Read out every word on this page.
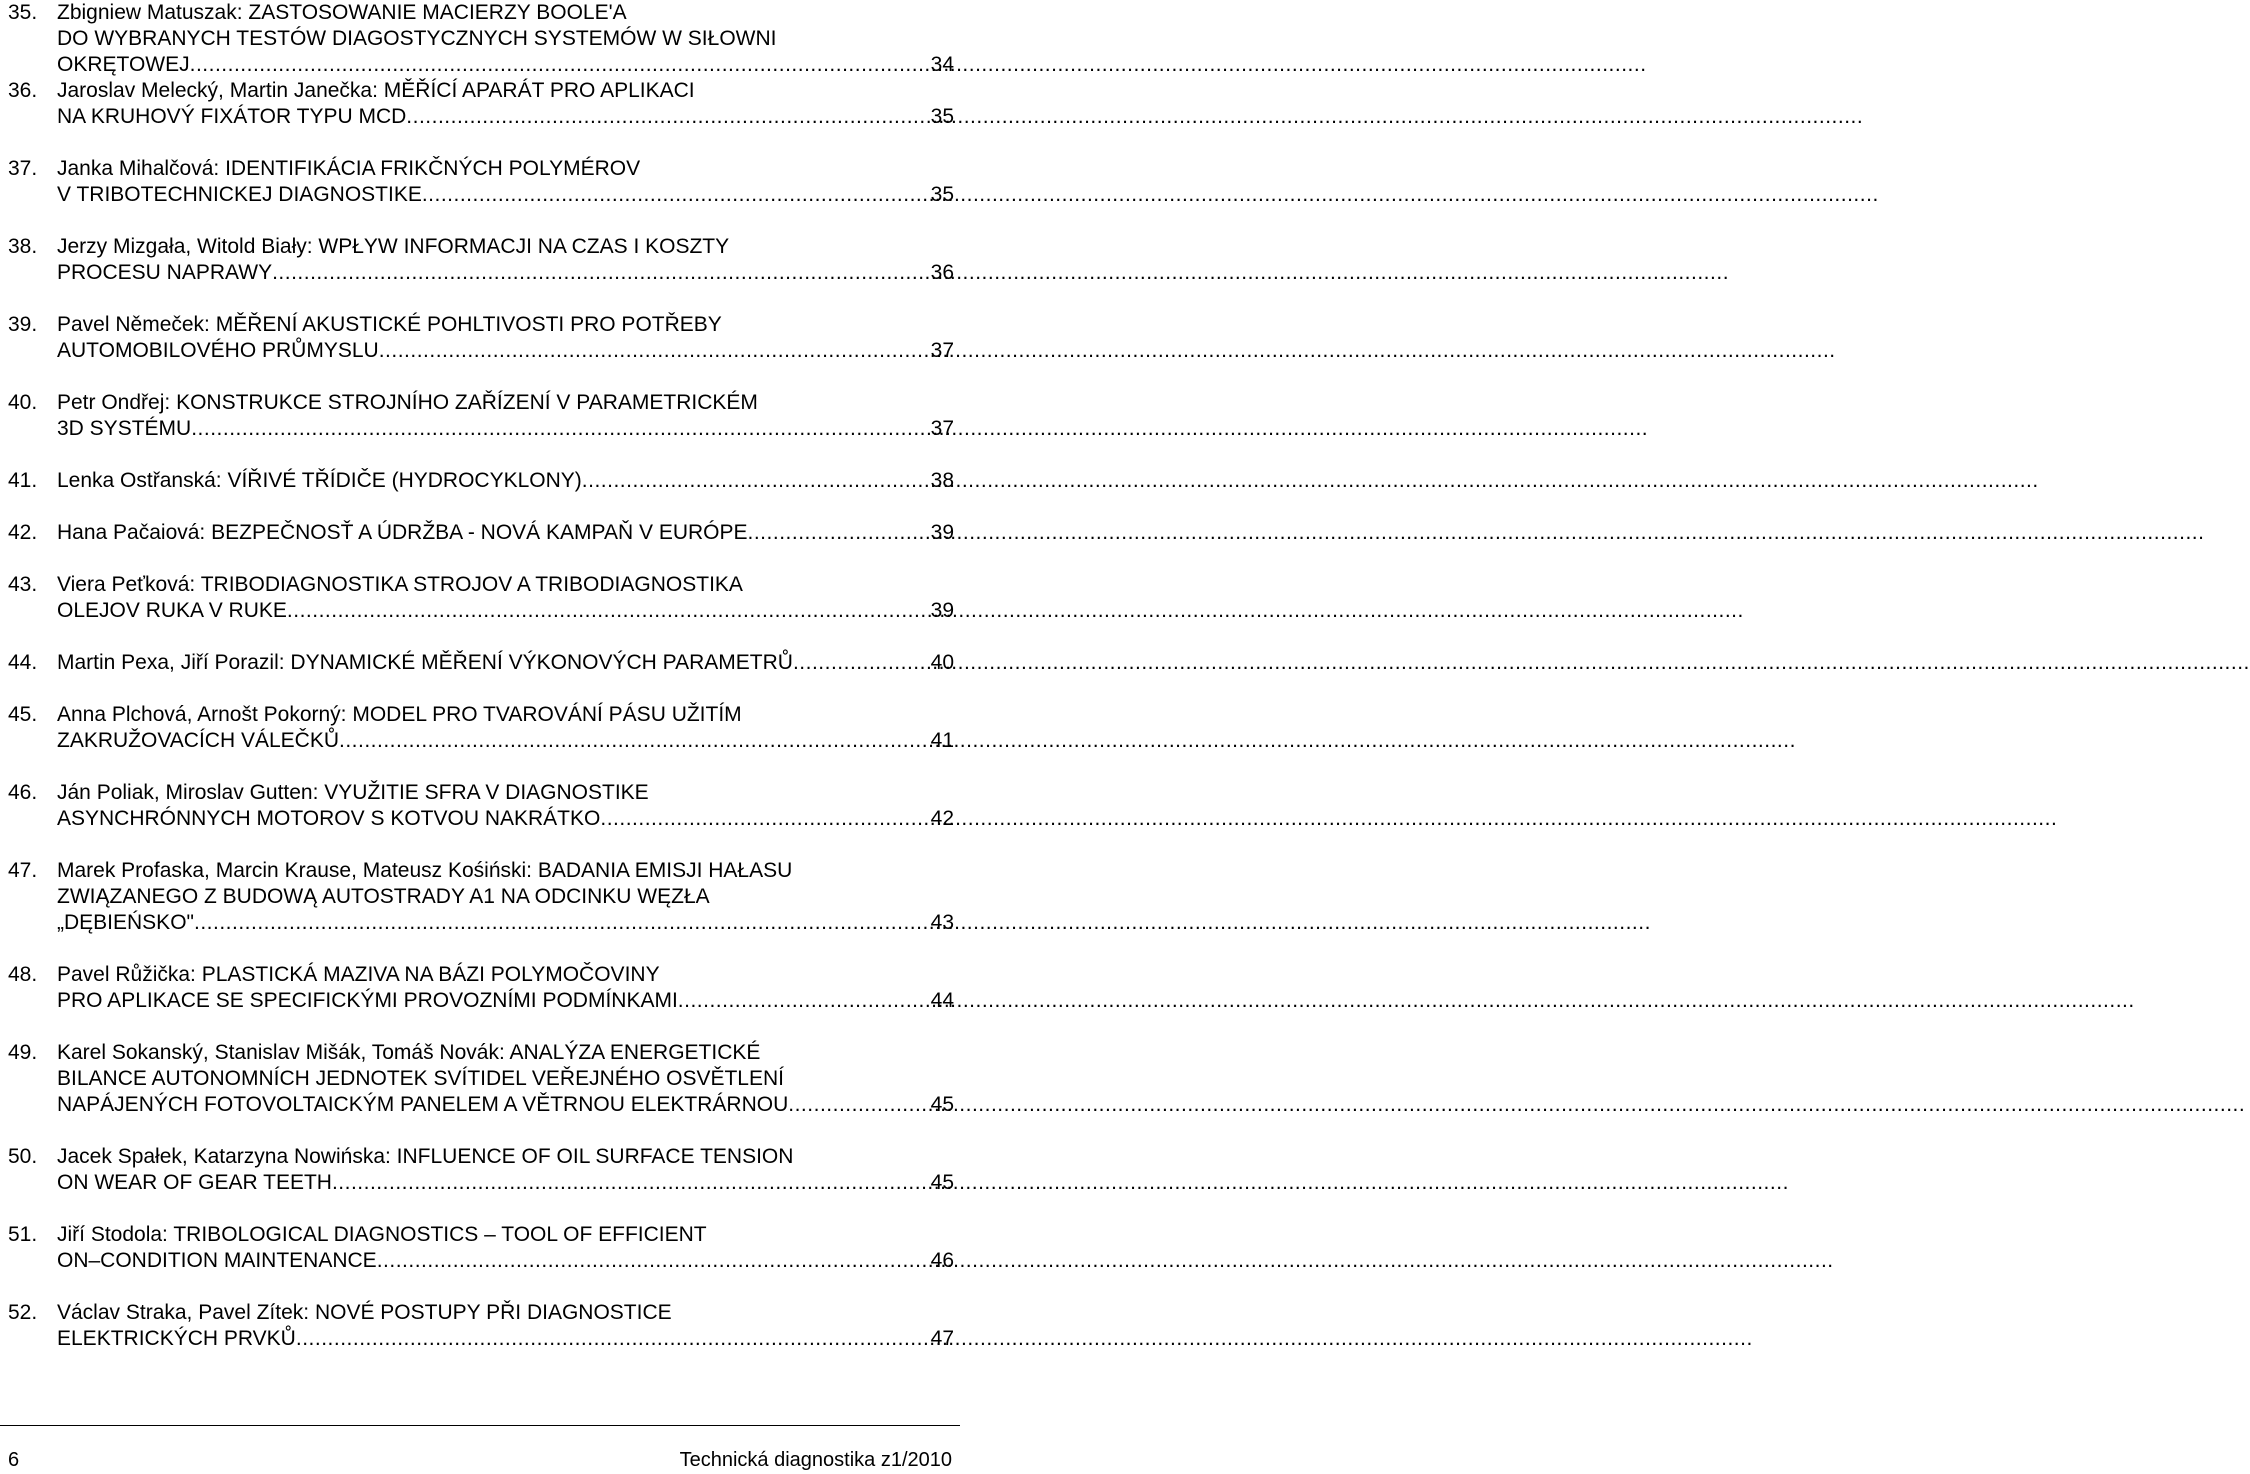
35. Zbigniew Matuszak: ZASTOSOWANIE MACIERZY BOOLE'A
DO WYBRANYCH TESTÓW DIAGOSTYCZNYCH SYSTEMÓW W SIŁOWNI
OKRĘTOWEJ .....	34
36. Jaroslav Melecký, Martin Janečka: MĚŘÍCÍ APARÁT PRO APLIKACI
NA KRUHOVÝ FIXÁTOR TYPU MCD .....	35
37. Janka Mihalčová: IDENTIFIKÁCIA FRIKČNÝCH POLYMÉROV
V TRIBOTECHNICKEJ DIAGNOSTIKE .....	35
38. Jerzy Mizgała, Witold Biały: WPŁYW INFORMACJI NA CZAS I KOSZTY
PROCESU NAPRAWY .....	36
39. Pavel Němeček: MĚŘENÍ AKUSTICKÉ POHLTIVOSTI PRO POTŘEBY
AUTOMOBILOVÉHO PRŮMYSLU .....	37
40. Petr Ondřej: KONSTRUKCE STROJNÍHO ZAŘÍZENÍ V PARAMETRICKÉM
3D SYSTÉMU .....	37
41. Lenka Ostřanská: VÍŘIVÉ TŘÍDIČE (HYDROCYKLONY) .....	38
42. Hana Pačaiová: BEZPEČNOSŤ A ÚDRŽBA - NOVÁ KAMPAŇ V EURÓPE .....	39
43. Viera Peťková: TRIBODIAGNOSTIKA STROJOV A TRIBODIAGNOSTIKA
OLEJOV RUKA V RUKE .....	39
44. Martin Pexa, Jiří Porazil: DYNAMICKÉ MĚŘENÍ VÝKONOVÝCH PARAMETRŮ .....	40
45. Anna Plchová, Arnošt Pokorný: MODEL PRO TVAROVÁNÍ PÁSU UŽITÍM
ZAKRUŽOVACÍCH VÁLEČKŮ .....	41
46. Ján Poliak, Miroslav Gutten: VYUŽITIE SFRA V DIAGNOSTIKE
ASYNCHRÓNNYCH MOTOROV S KOTVOU NAKRÁTKO .....	42
47. Marek Profaska, Marcin Krause, Mateusz Kośiński: BADANIA EMISJI HAŁASU
ZWIĄZANEGO Z BUDOWĄ AUTOSTRADY A1 NA ODCINKU WĘZŁA
„DĘBIEŃSKO" .....	43
48. Pavel Růžička: PLASTICKÁ MAZIVA NA BÁZI POLYMOČOVINY
PRO APLIKACE SE SPECIFICKÝMI PROVOZNÍMI PODMÍNKAMI .....	44
49. Karel Sokanský, Stanislav Mišák, Tomáš Novák: ANALÝZA ENERGETICKÉ
BILANCE AUTONOMNÍCH JEDNOTEK SVÍTIDEL VEŘEJNÉHO OSVĚTLENÍ
NAPÁJENÝCH FOTOVOLTAICKÝM PANELEM A VĚTRNOU ELEKTRÁRNOU .....	45
50. Jacek Spałek, Katarzyna Nowińska: INFLUENCE OF OIL SURFACE TENSION
ON WEAR OF GEAR TEETH .....	45
51. Jiří Stodola: TRIBOLOGICAL DIAGNOSTICS – TOOL OF EFFICIENT
ON–CONDITION MAINTENANCE .....	46
52. Václav Straka, Pavel Zítek: NOVÉ POSTUPY PŘI DIAGNOSTICE
ELEKTRICKÝCH PRVKŮ .....	47
6	Technická diagnostika z1/2010
